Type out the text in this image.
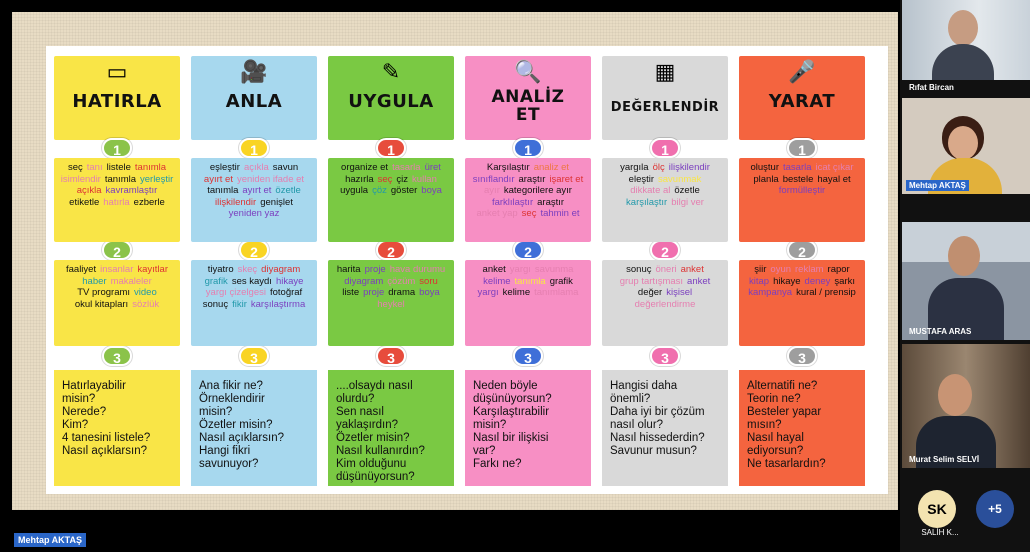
▭
HATIRLA
1
2
3
seç tanı listele tanımlaisimlendir tanımla yerleştiraçıkla kavramlaştıretiketle hatırla ezberle
faaliyet insanlar kayıtlarhaber makalelerTV programı videookul kitapları sözlük
Hatırlayabilir
misin?
Nerede?
Kim?
4 tanesini listele?
Nasıl açıklarsın?
🎥
ANLA
1
2
3
eşleştir açıkla savunayırt et yeniden ifade ettanımla ayırt et özetleilişkilendir genişletyeniden yaz
tiyatro skeç diyagramgrafik ses kaydı hikayeyargı çizelgesi fotoğrafsonuç fikir karşılaştırma
Ana fikir ne?
Örneklendirir
misin?
Özetler misin?
Nasıl açıklarsın?
Hangi fikri
savunuyor?
✎
UYGULA
1
2
3
organize et tasarla ürethazırla seç çiz kullanuygula çöz göster boya
harita proje hava durumudiyagram çözüm soruliste proje drama boyaheykel
....olsaydı nasıl
olurdu?
Sen nasıl
yaklaşırdın?
Özetler misin?
Nasıl kullanırdın?
Kim olduğunu
düşünüyorsun?
🔍
ANALİZ
ET
1
2
3
Karşılaştır analiz etsınıflandır araştır işaret etayır kategorilere ayırfarklılaştır araştıranket yap seç tahmin et
anket yargı savunmakelime tanımla grafikyargı kelime tanımlama
Neden böyle
düşünüyorsun?
Karşılaştırabilir
misin?
Nasıl bir ilişkisi
var?
Farkı ne?
▦
DEĞERLENDİR
1
2
3
yargıla ölç ilişkilendireleştir savunmakdikkate al özetlekarşılaştır bilgi ver
sonuç öneri anketgrup tartışması anketdeğer kişiseldeğerlendirme
Hangisi daha
önemli?
Daha iyi bir çözüm
nasıl olur?
Nasıl hissederdin?
Savunur musun?
🎤
YARAT
1
2
3
oluştur tasarla icat çıkarplanla bestele hayal etformülleştir
şiir oyun reklam raporkitap hikaye deney şarkıkampanya kural / prensip
Alternatifi ne?
Teorin ne?
Besteler yapar
mısın?
Nasıl hayal
ediyorsun?
Ne tasarlardın?
Rıfat Bircan
Mehtap AKTAŞ
MUSTAFA ARAS
Murat Selim SELVİ
SK
SALİH K...
+5
Mehtap AKTAŞ
